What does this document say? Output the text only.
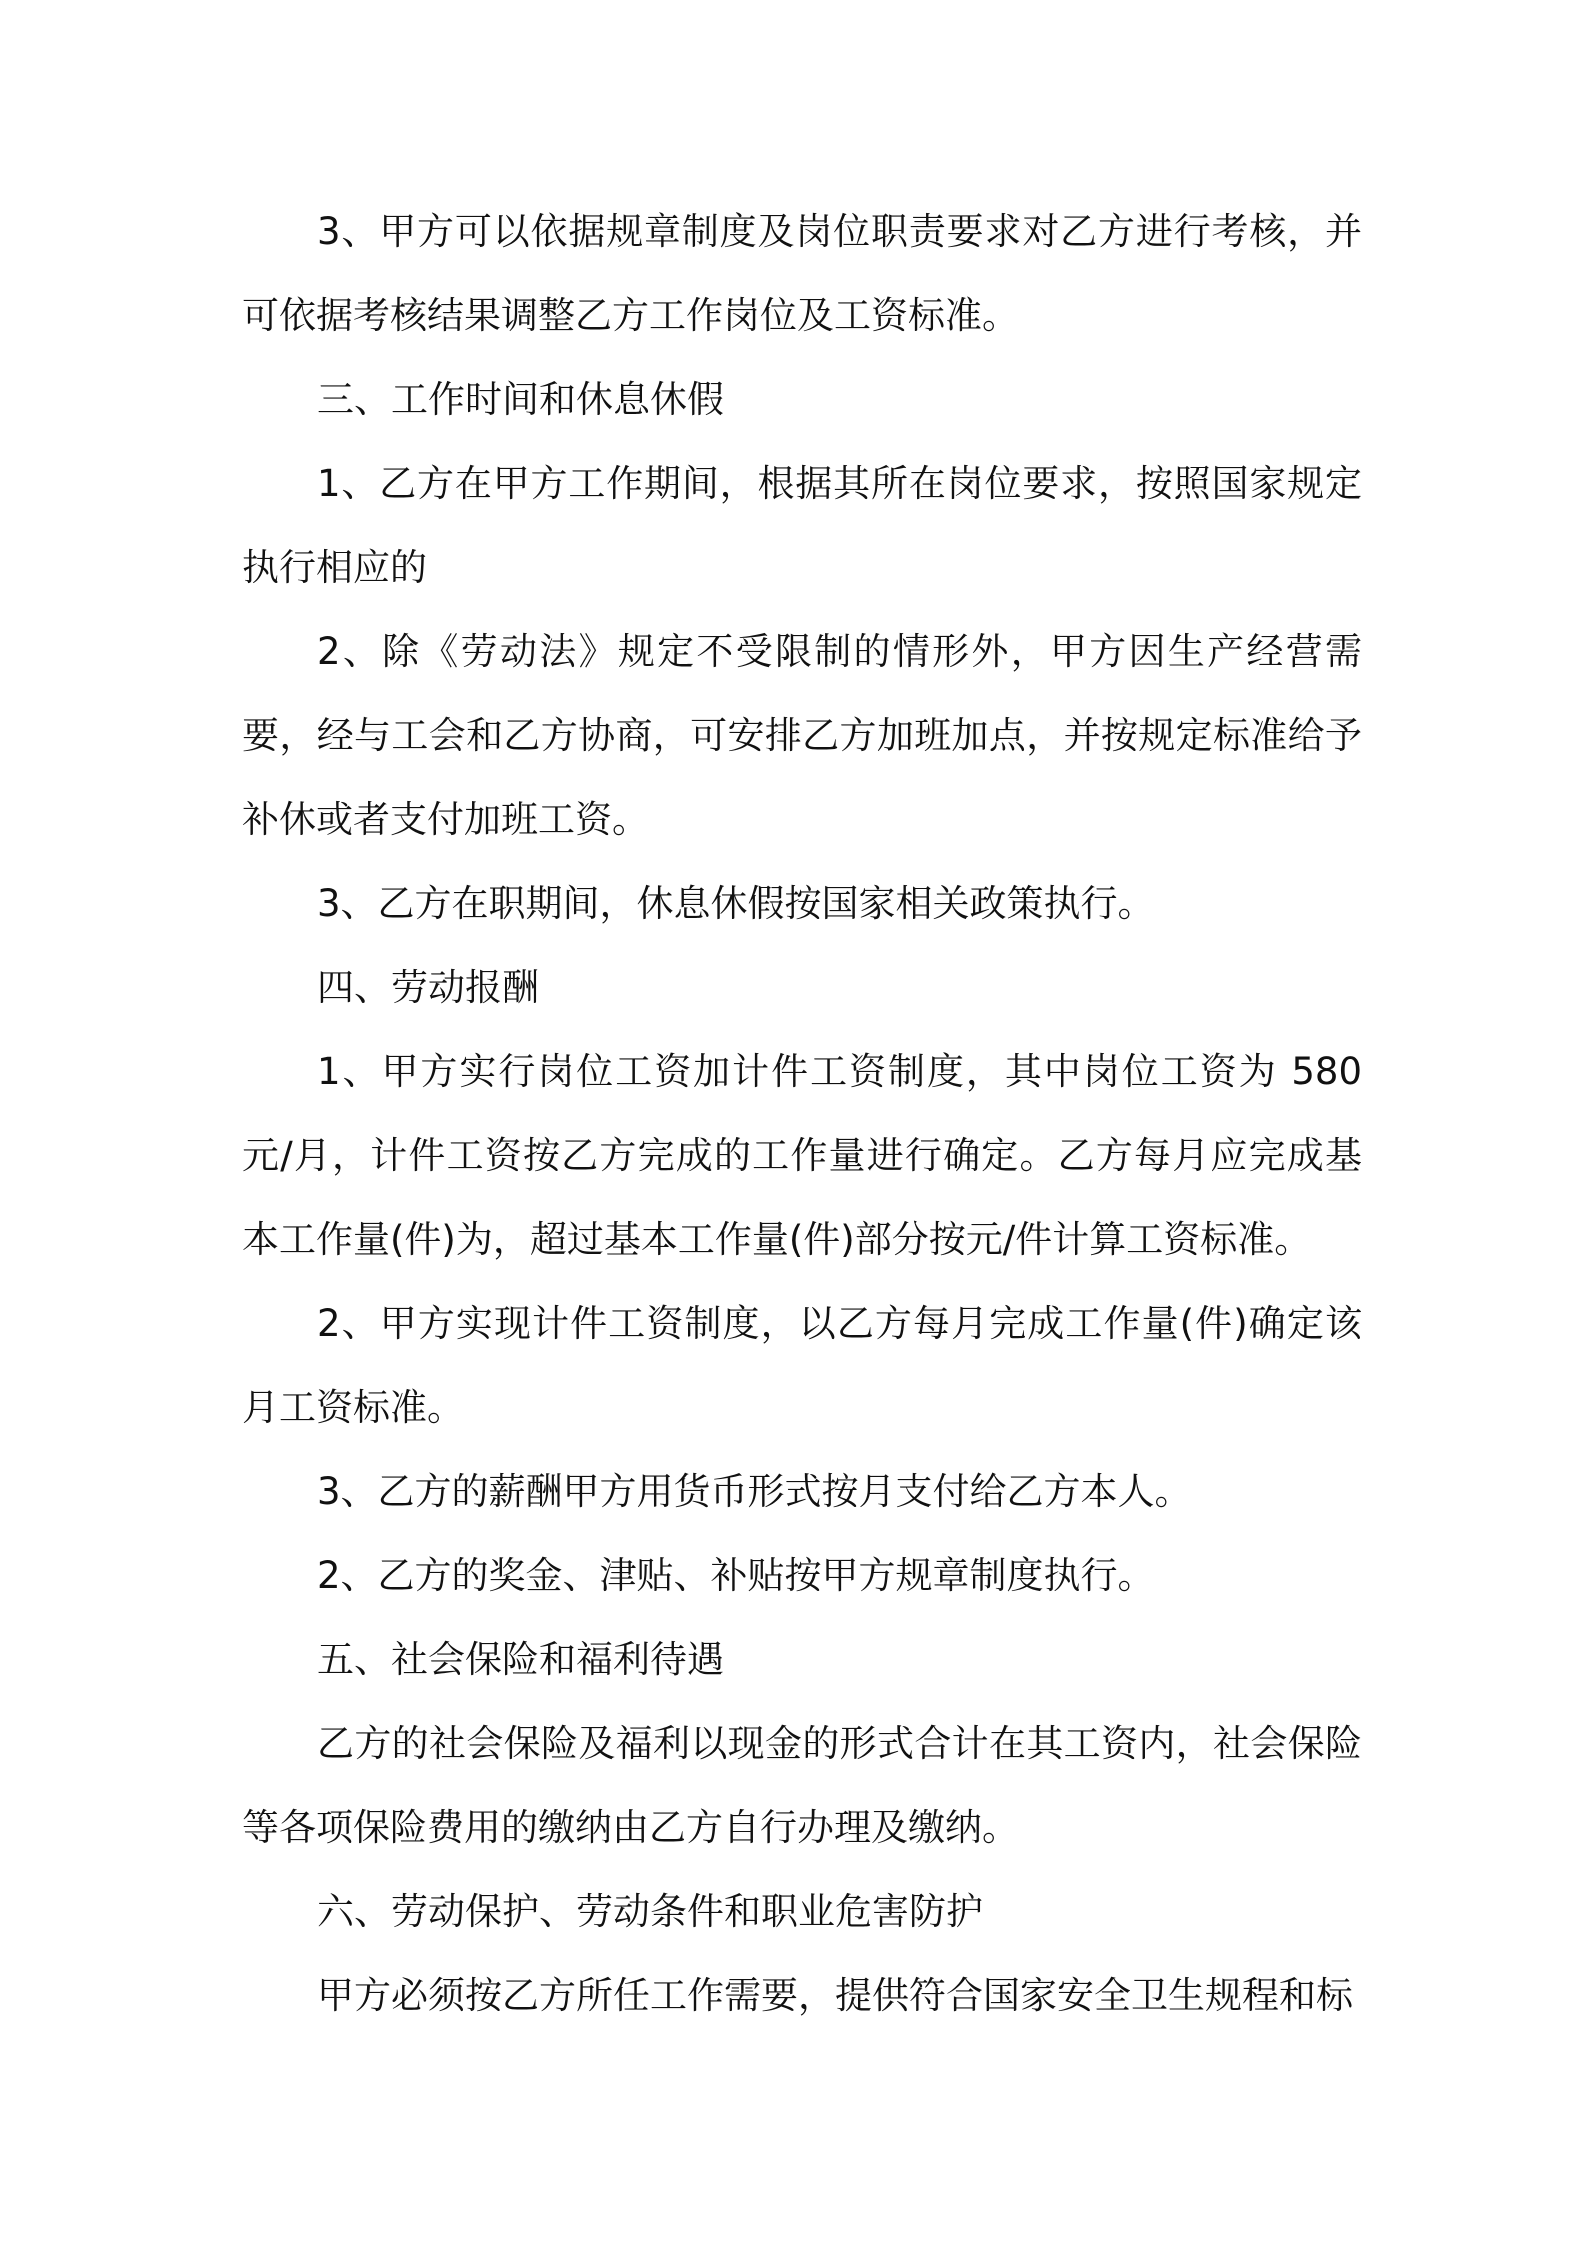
3、甲方可以依据规章制度及岗位职责要求对乙方进行考核，并可依据考核结果调整乙方工作岗位及工资标准。

三、工作时间和休息休假

1、乙方在甲方工作期间，根据其所在岗位要求，按照国家规定执行相应的

2、除《劳动法》规定不受限制的情形外，甲方因生产经营需要，经与工会和乙方协商，可安排乙方加班加点，并按规定标准给予补休或者支付加班工资。

3、乙方在职期间，休息休假按国家相关政策执行。

四、劳动报酬

1、甲方实行岗位工资加计件工资制度，其中岗位工资为 580 元/月，计件工资按乙方完成的工作量进行确定。乙方每月应完成基本工作量(件)为，超过基本工作量(件)部分按元/件计算工资标准。

2、甲方实现计件工资制度，以乙方每月完成工作量(件)确定该月工资标准。

3、乙方的薪酬甲方用货币形式按月支付给乙方本人。

2、乙方的奖金、津贴、补贴按甲方规章制度执行。

五、社会保险和福利待遇

乙方的社会保险及福利以现金的形式合计在其工资内，社会保险等各项保险费用的缴纳由乙方自行办理及缴纳。

六、劳动保护、劳动条件和职业危害防护

甲方必须按乙方所任工作需要，提供符合国家安全卫生规程和标
